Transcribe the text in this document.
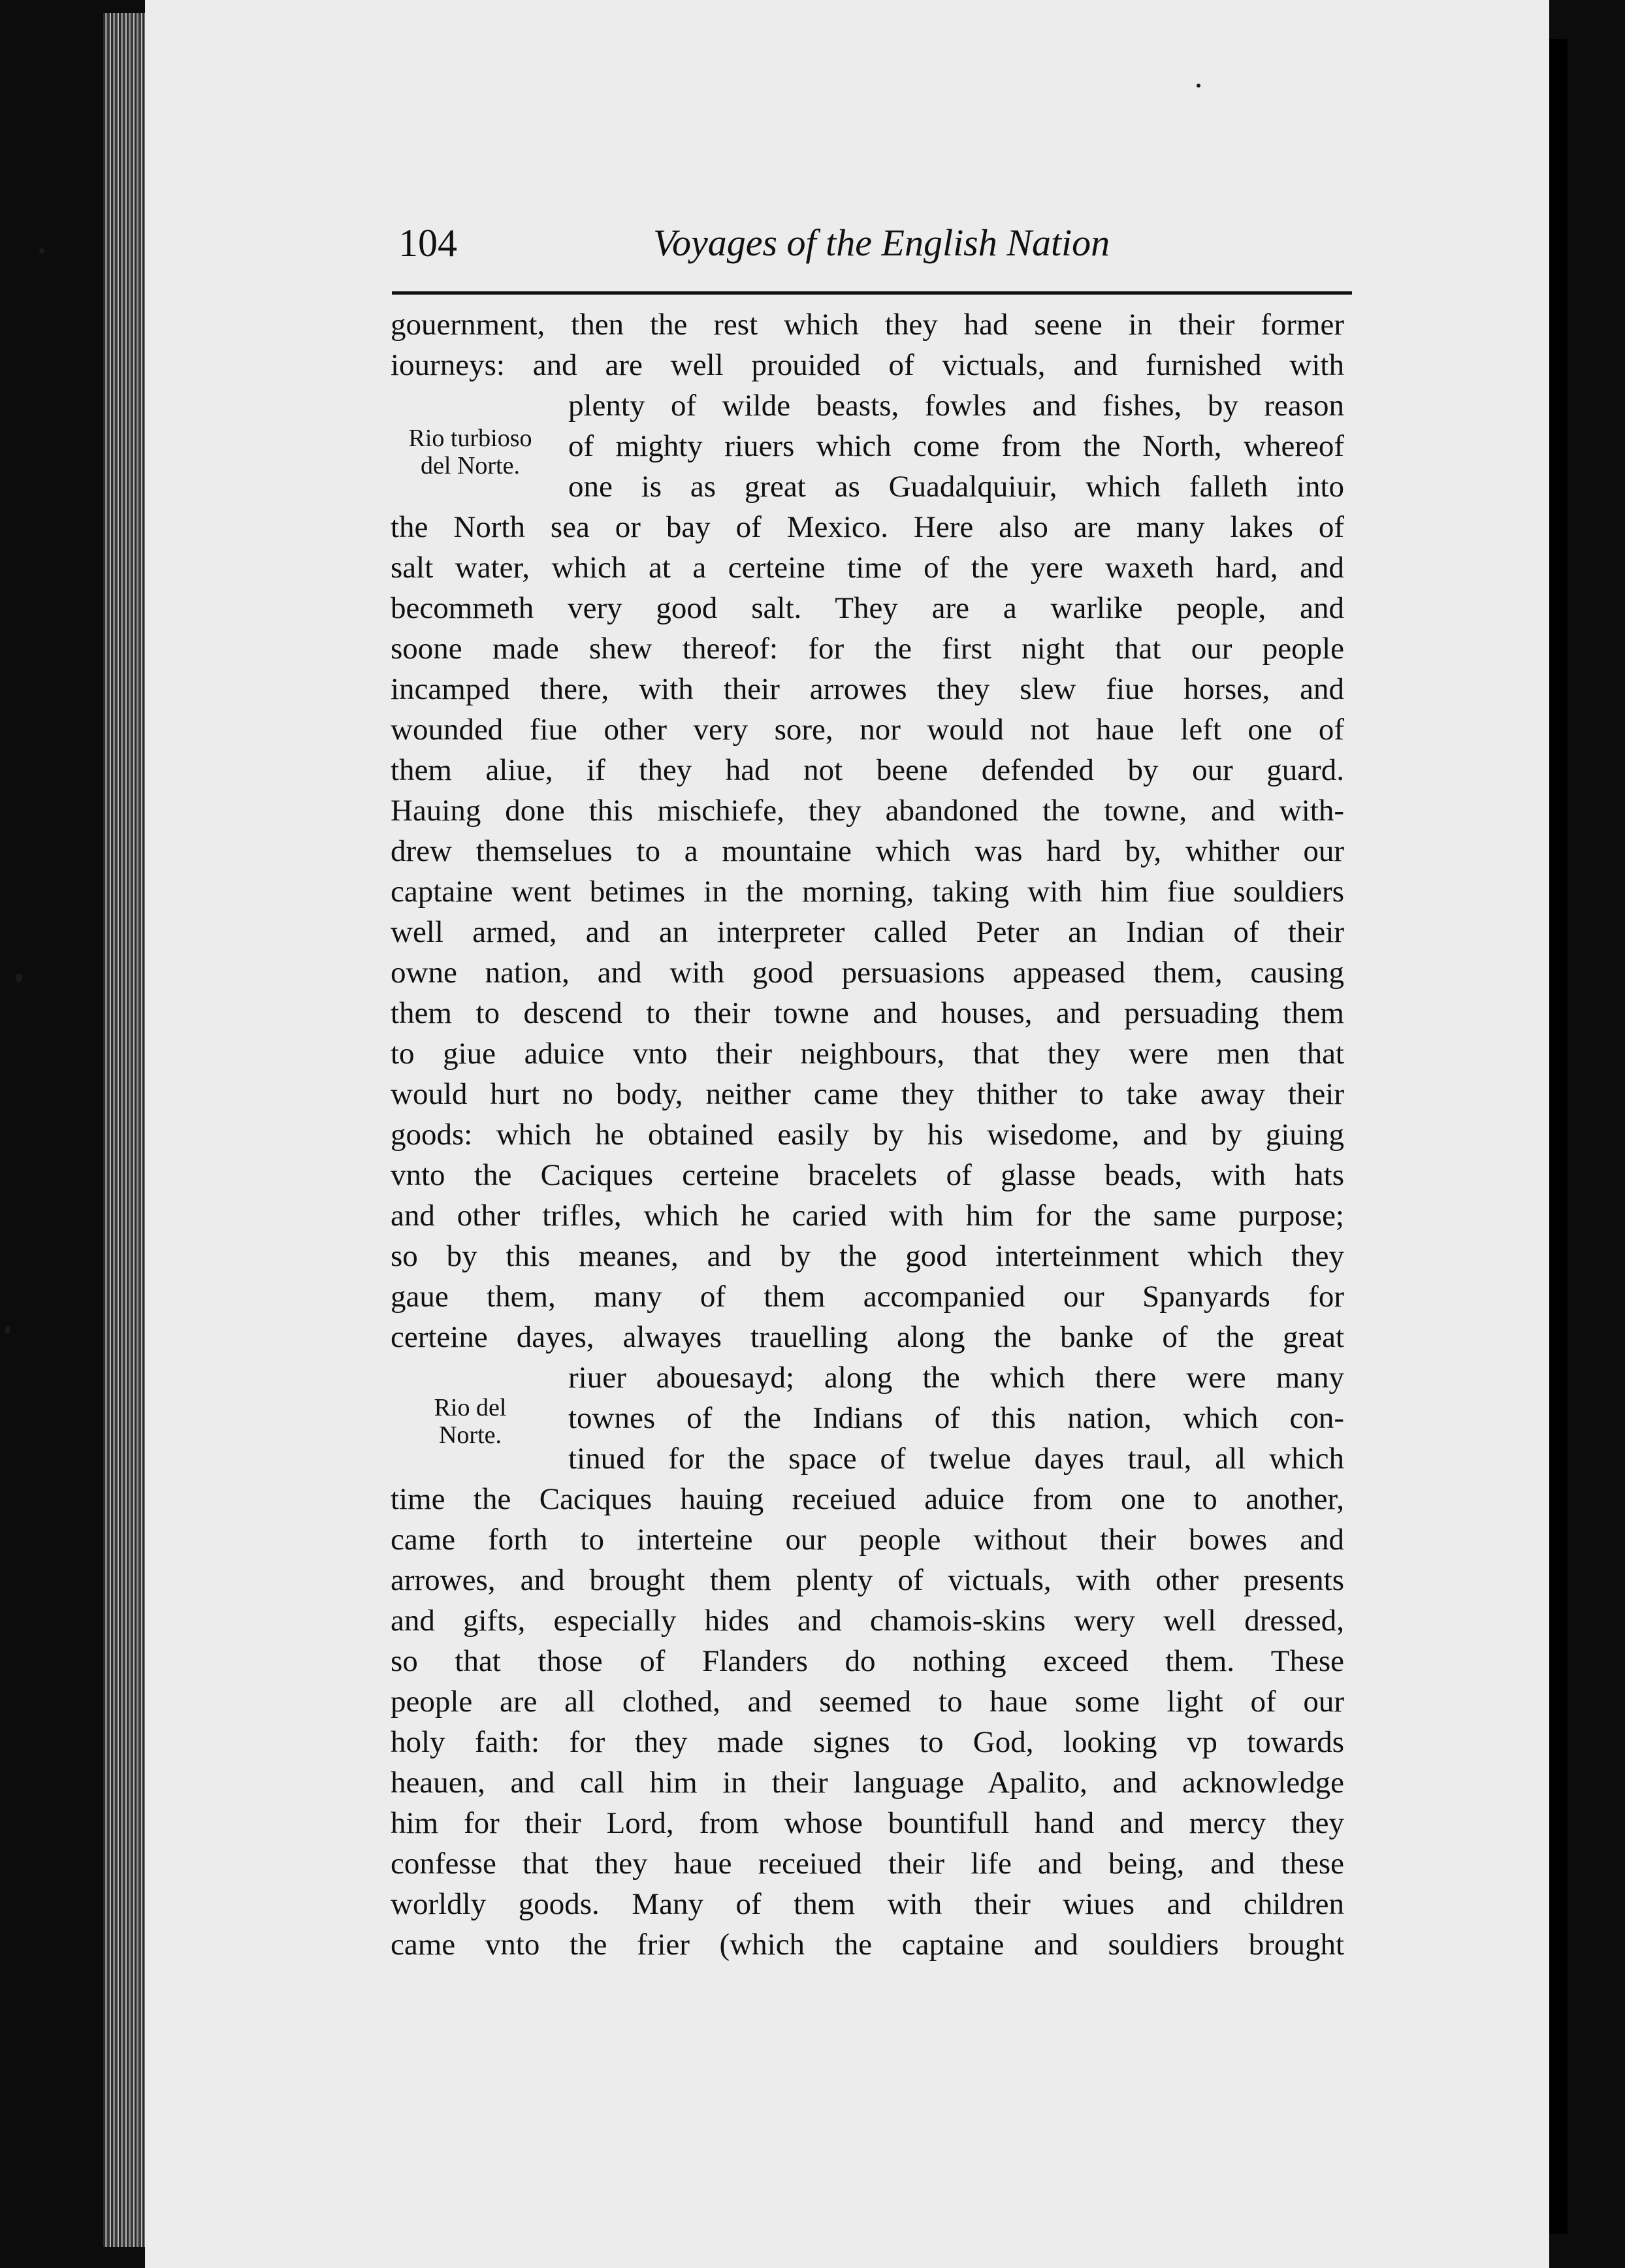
104	Voyages of the English Nation
Rio turbioso
del Norte.
Rio del
Norte.
gouernment, then the rest which they had seene in their former
iourneys: and are well prouided of victuals, and furnished with
plenty of wilde beasts, fowles and fishes, by reason
of mighty riuers which come from the North, whereof
one is as great as Guadalquiuir, which falleth into
the North sea or bay of Mexico. Here also are many lakes of
salt water, which at a certeine time of the yere waxeth hard, and
becommeth very good salt. They are a warlike people, and
soone made shew thereof: for the first night that our people
incamped there, with their arrowes they slew fiue horses, and
wounded fiue other very sore, nor would not haue left one of
them aliue, if they had not beene defended by our guard.
Hauing done this mischiefe, they abandoned the towne, and with-
drew themselues to a mountaine which was hard by, whither our
captaine went betimes in the morning, taking with him fiue souldiers
well armed, and an interpreter called Peter an Indian of their
owne nation, and with good persuasions appeased them, causing
them to descend to their towne and houses, and persuading them
to giue aduice vnto their neighbours, that they were men that
would hurt no body, neither came they thither to take away their
goods: which he obtained easily by his wisedome, and by giuing
vnto the Caciques certeine bracelets of glasse beads, with hats
and other trifles, which he caried with him for the same purpose;
so by this meanes, and by the good interteinment which they
gaue them, many of them accompanied our Spanyards for
certeine dayes, alwayes trauelling along the banke of the great
riuer abouesayd; along the which there were many
townes of the Indians of this nation, which con-
tinued for the space of twelue dayes traul, all which
time the Caciques hauing receiued aduice from one to another,
came forth to interteine our people without their bowes and
arrowes, and brought them plenty of victuals, with other presents
and gifts, especially hides and chamois-skins wery well dressed,
so that those of Flanders do nothing exceed them. These
people are all clothed, and seemed to haue some light of our
holy faith: for they made signes to God, looking vp towards
heauen, and call him in their language Apalito, and acknowledge
him for their Lord, from whose bountifull hand and mercy they
confesse that they haue receiued their life and being, and these
worldly goods. Many of them with their wiues and children
came vnto the frier (which the captaine and souldiers brought
